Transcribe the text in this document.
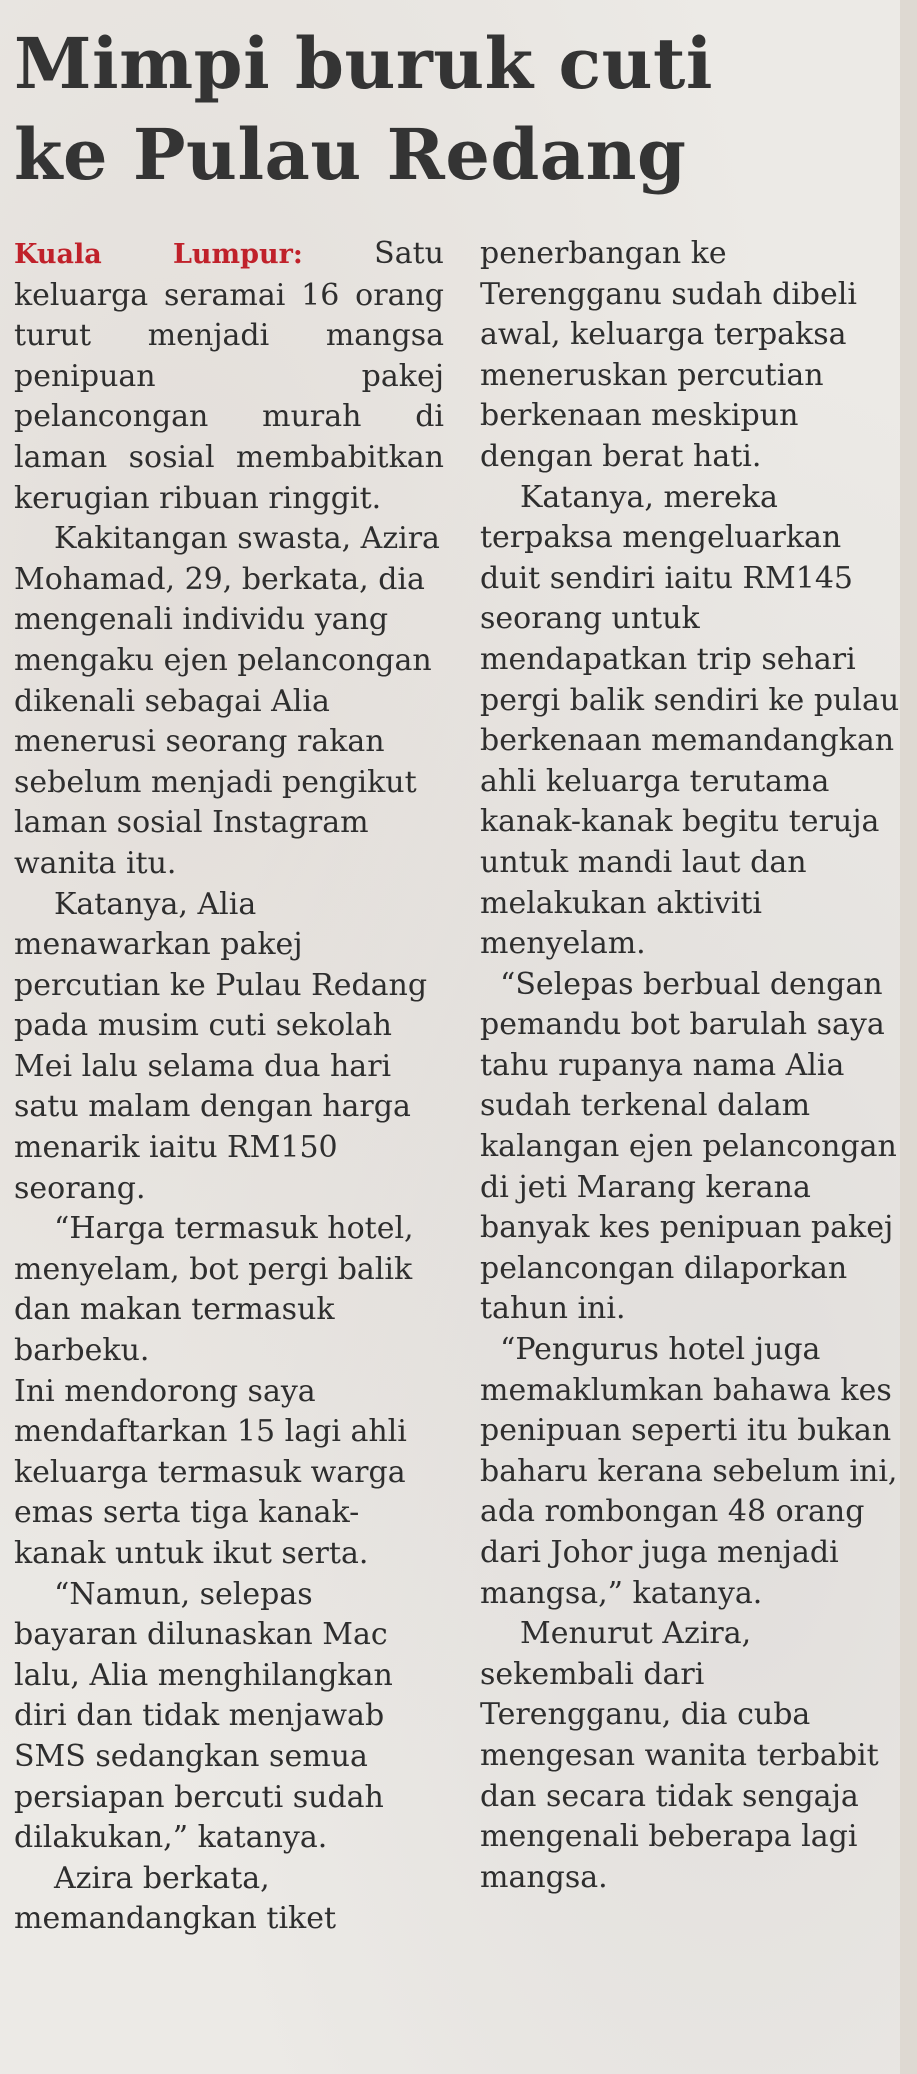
Mimpi buruk cuti
ke Pulau Redang

Kuala Lumpur: Satu keluarga seramai 16 orang turut menjadi mangsa penipuan pakej pelancongan murah di laman sosial membabitkan kerugian ribuan ringgit.

Kakitangan swasta, Azira Mohamad, 29, berkata, dia mengenali individu yang mengaku ejen pelancongan dikenali sebagai Alia menerusi seorang rakan sebelum menjadi pengikut laman sosial Instagram wanita itu.

Katanya, Alia menawarkan pakej percutian ke Pulau Redang pada musim cuti sekolah Mei lalu selama dua hari satu malam dengan harga menarik iaitu RM150 seorang.

“Harga termasuk hotel, menyelam, bot pergi balik dan makan termasuk barbeku.

Ini mendorong saya mendaftarkan 15 lagi ahli keluarga termasuk warga emas serta tiga kanak-kanak untuk ikut serta.

“Namun, selepas bayaran dilunaskan Mac lalu, Alia menghilangkan diri dan tidak menjawab SMS sedangkan semua persiapan bercuti sudah dilakukan,” katanya.

Azira berkata, memandangkan tiket

penerbangan ke Terengganu sudah dibeli awal, keluarga terpaksa meneruskan percutian berkenaan meskipun dengan berat hati.

Katanya, mereka terpaksa mengeluarkan duit sendiri iaitu RM145 seorang untuk mendapatkan trip sehari pergi balik sendiri ke pulau berkenaan memandangkan ahli keluarga terutama kanak-kanak begitu teruja untuk mandi laut dan melakukan aktiviti menyelam.

“Selepas berbual dengan pemandu bot barulah saya tahu rupanya nama Alia sudah terkenal dalam kalangan ejen pelancongan di jeti Marang kerana banyak kes penipuan pakej pelancongan dilaporkan tahun ini.

“Pengurus hotel juga memaklumkan bahawa kes penipuan seperti itu bukan baharu kerana sebelum ini, ada rombongan 48 orang dari Johor juga menjadi mangsa,” katanya.

Menurut Azira, sekembali dari Terengganu, dia cuba mengesan wanita terbabit dan secara tidak sengaja mengenali beberapa lagi mangsa.
